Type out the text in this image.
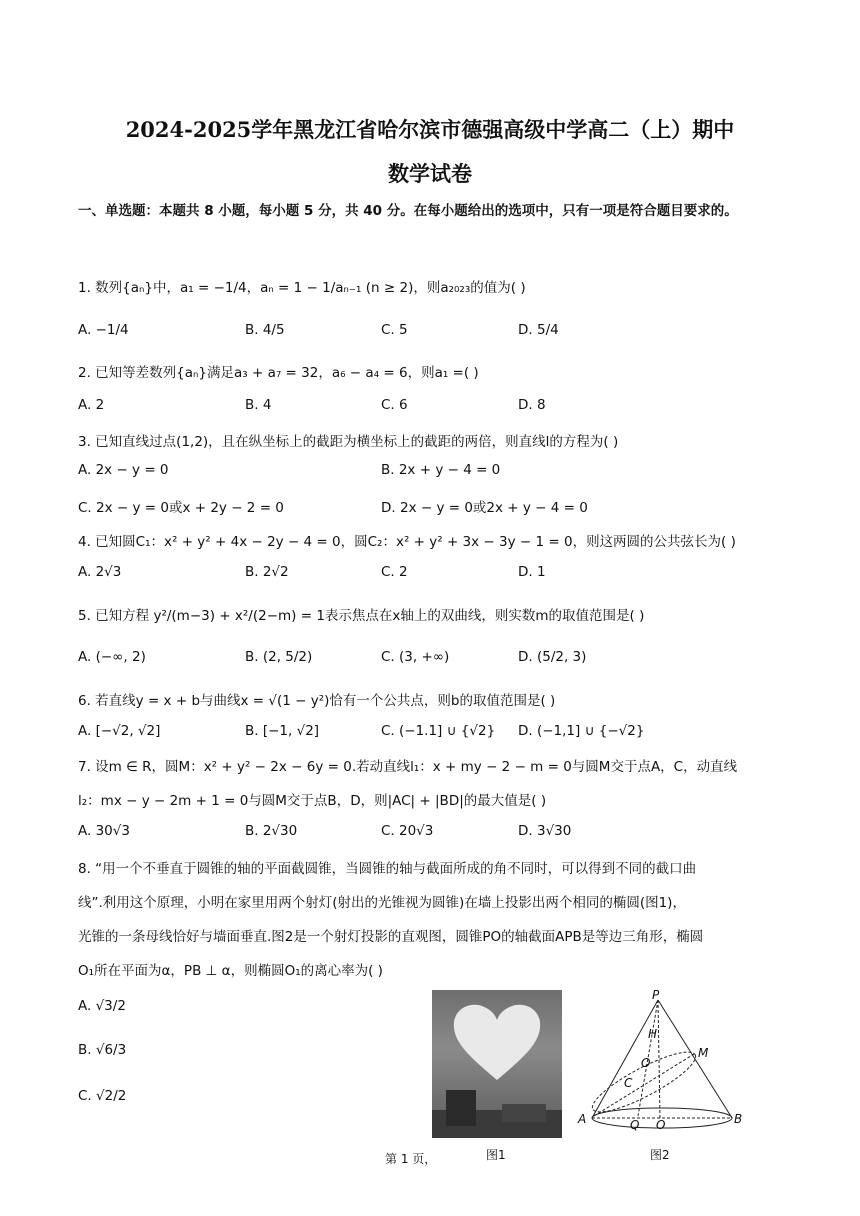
2024-2025学年黑龙江省哈尔滨市德强高级中学高二（上）期中
数学试卷
一、单选题：本题共 8 小题，每小题 5 分，共 40 分。在每小题给出的选项中，只有一项是符合题目要求的。
1. 数列{aₙ}中，a₁ = −1/4，aₙ = 1 − 1/aₙ₋₁ (n ≥ 2)，则a₂₀₂₃的值为( )
A. −1/4	B. 4/5	C. 5	D. 5/4
2. 已知等差数列{aₙ}满足a₃ + a₇ = 32，a₆ − a₄ = 6，则a₁ =( )
A. 2	B. 4	C. 6	D. 8
3. 已知直线过点(1,2)，且在纵坐标上的截距为横坐标上的截距的两倍，则直线l的方程为( )
A. 2x − y = 0	B. 2x + y − 4 = 0
C. 2x − y = 0或x + 2y − 2 = 0	D. 2x − y = 0或2x + y − 4 = 0
4. 已知圆C₁：x² + y² + 4x − 2y − 4 = 0，圆C₂：x² + y² + 3x − 3y − 1 = 0，则这两圆的公共弦长为( )
A. 2√3	B. 2√2	C. 2	D. 1
5. 已知方程 y²/(m−3) + x²/(2−m) = 1表示焦点在x轴上的双曲线，则实数m的取值范围是( )
A. (−∞, 2)	B. (2, 5/2)	C. (3, +∞)	D. (5/2, 3)
6. 若直线y = x + b与曲线x = √(1 − y²)恰有一个公共点，则b的取值范围是( )
A. [−√2, √2]	B. [−1, √2]	C. (−1.1] ∪ {√2} D. (−1,1] ∪ {−√2}
7. 设m ∈ R，圆M：x² + y² − 2x − 6y = 0.若动直线l₁：x + my − 2 − m = 0与圆M交于点A，C，动直线
l₂：mx − y − 2m + 1 = 0与圆M交于点B，D，则|AC| + |BD|的最大值是( )
A. 30√3	B. 2√30	C. 20√3	D. 3√30
8. “用一个不垂直于圆锥的轴的平面截圆锥，当圆锥的轴与截面所成的角不同时，可以得到不同的截口曲
线”.利用这个原理，小明在家里用两个射灯(射出的光锥视为圆锥)在墙上投影出两个相同的椭圆(图1)，
光锥的一条母线恰好与墙面垂直.图2是一个射灯投影的直观图，圆锥PO的轴截面APB是等边三角形，椭圆
O₁所在平面为α，PB ⊥ α，则椭圆O₁的离心率为( )
A. √3/2
B. √6/3
C. √2/2
图1
P
M
H
O
C
A	Q O	B
图2
第 1 页，
